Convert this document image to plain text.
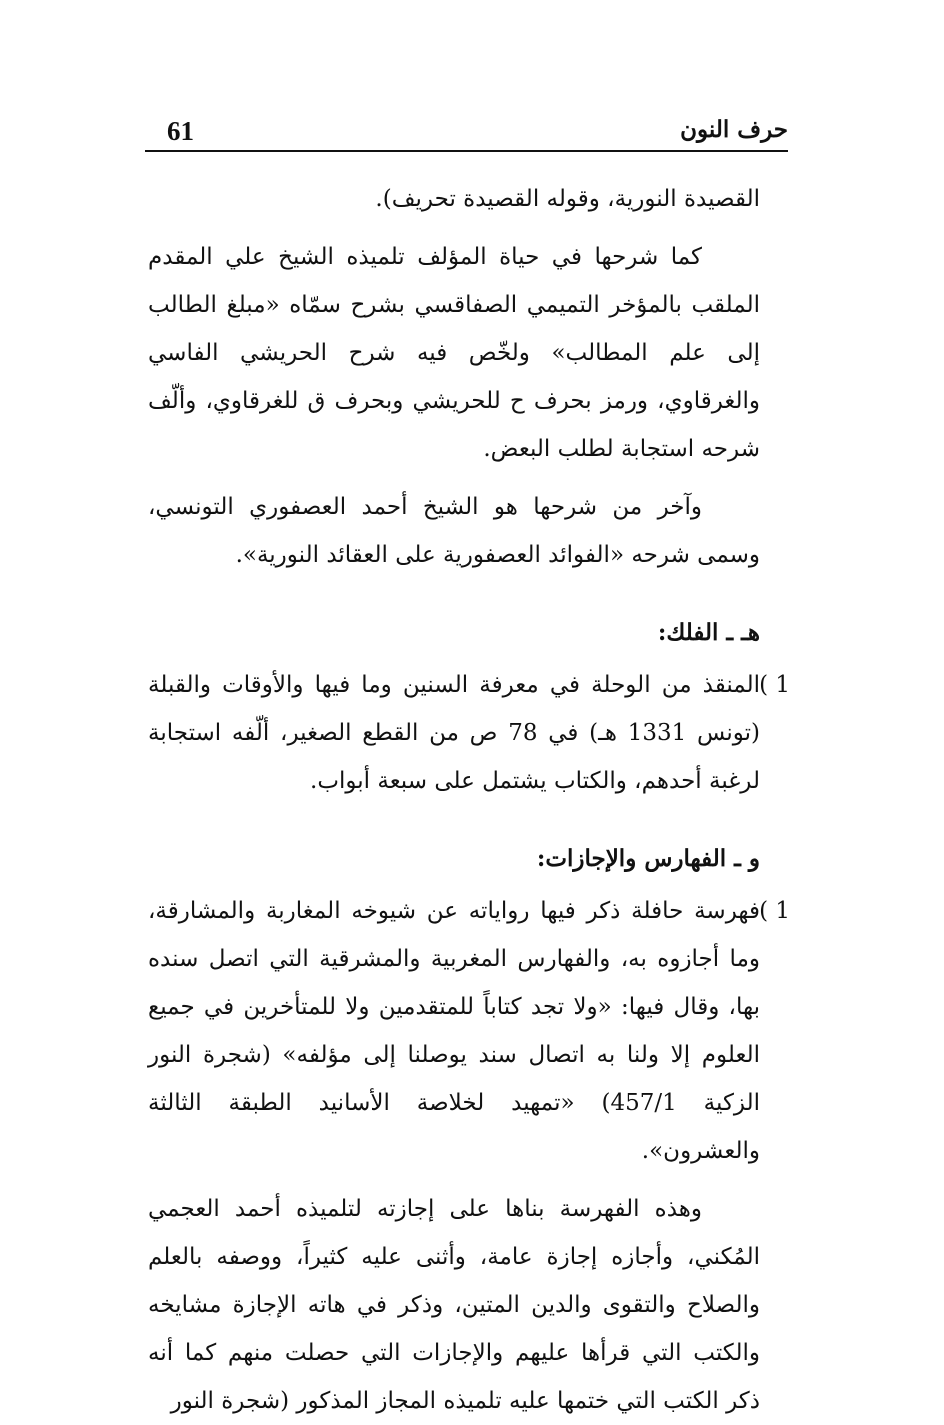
61	حرف النون

القصيدة النورية، وقوله القصيدة تحريف).

كما شرحها في حياة المؤلف تلميذه الشيخ علي المقدم الملقب بالمؤخر التميمي الصفاقسي بشرح سمّاه «مبلغ الطالب إلى علم المطالب» ولخّص فيه شرح الحريشي الفاسي والغرقاوي، ورمز بحرف ح للحريشي وبحرف ق للغرقاوي، وألّف شرحه استجابة لطلب البعض.

وآخر من شرحها هو الشيخ أحمد العصفوري التونسي، وسمى شرحه «الفوائد العصفورية على العقائد النورية».

هـ ـ الفلك:

1 )
المنقذ من الوحلة في معرفة السنين وما فيها والأوقات والقبلة (تونس 1331 هـ) في 78 ص من القطع الصغير، ألّفه استجابة لرغبة أحدهم، والكتاب يشتمل على سبعة أبواب.

و ـ الفهارس والإجازات:

1 )
فهرسة حافلة ذكر فيها رواياته عن شيوخه المغاربة والمشارقة، وما أجازوه به، والفهارس المغربية والمشرقية التي اتصل سنده بها، وقال فيها: «ولا تجد كتاباً للمتقدمين ولا للمتأخرين في جميع العلوم إلا ولنا به اتصال سند يوصلنا إلى مؤلفه» (شجرة النور الزكية 457/1) «تمهيد لخلاصة الأسانيد الطبقة الثالثة والعشرون».

وهذه الفهرسة بناها على إجازته لتلميذه أحمد العجمي المُكني، وأجازه إجازة عامة، وأثنى عليه كثيراً، ووصفه بالعلم والصلاح والتقوى والدين المتين، وذكر في هاته الإجازة مشايخه والكتب التي قرأها عليهم والإجازات التي حصلت منهم كما أنه ذكر الكتب التي ختمها عليه تلميذه المجاز المذكور (شجرة النور
